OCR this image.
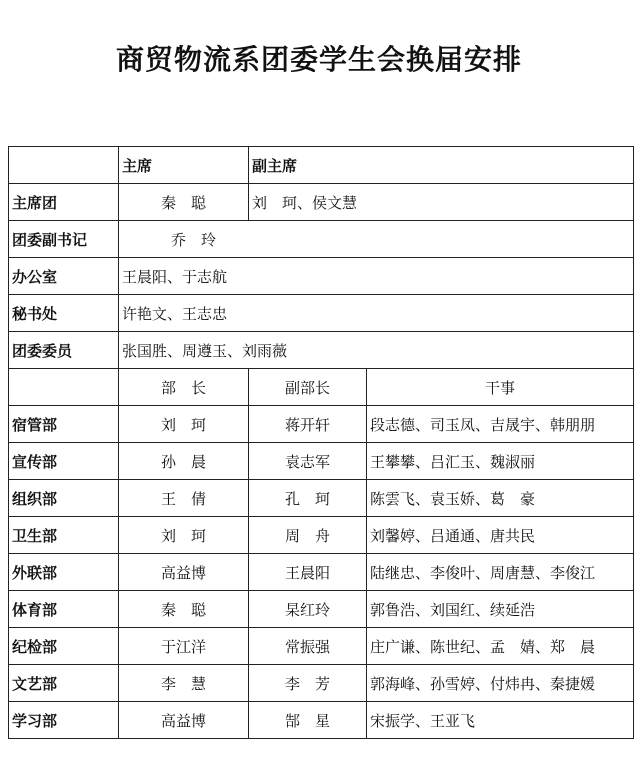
商贸物流系团委学生会换届安排
	主席	副主席	
主席团	秦　聪	刘　珂、侯文慧	
团委副书记	乔　玲		
办公室	王晨阳、于志航		
秘书处	许艳文、王志忠		
团委委员	张国胜、周遵玉、刘雨薇		
	部　长	副部长	干事
宿管部	刘　珂	蒋开轩	段志德、司玉凤、吉晟宇、韩朋朋
宣传部	孙　晨	袁志军	王攀攀、吕汇玉、魏淑丽
组织部	王　倩	孔　珂	陈雲飞、袁玉娇、葛　豪
卫生部	刘　珂	周　舟	刘馨婷、吕通通、唐共民
外联部	高益博	王晨阳	陆继忠、李俊叶、周唐慧、李俊江
体育部	秦　聪	杲红玲	郭鲁浩、刘国红、续延浩
纪检部	于江洋	常振强	庄广谦、陈世纪、孟　婧、郑　晨
文艺部	李　慧	李　芳	郭海峰、孙雪婷、付炜冉、秦捷媛
学习部	高益博	郜　星	宋振学、王亚飞
